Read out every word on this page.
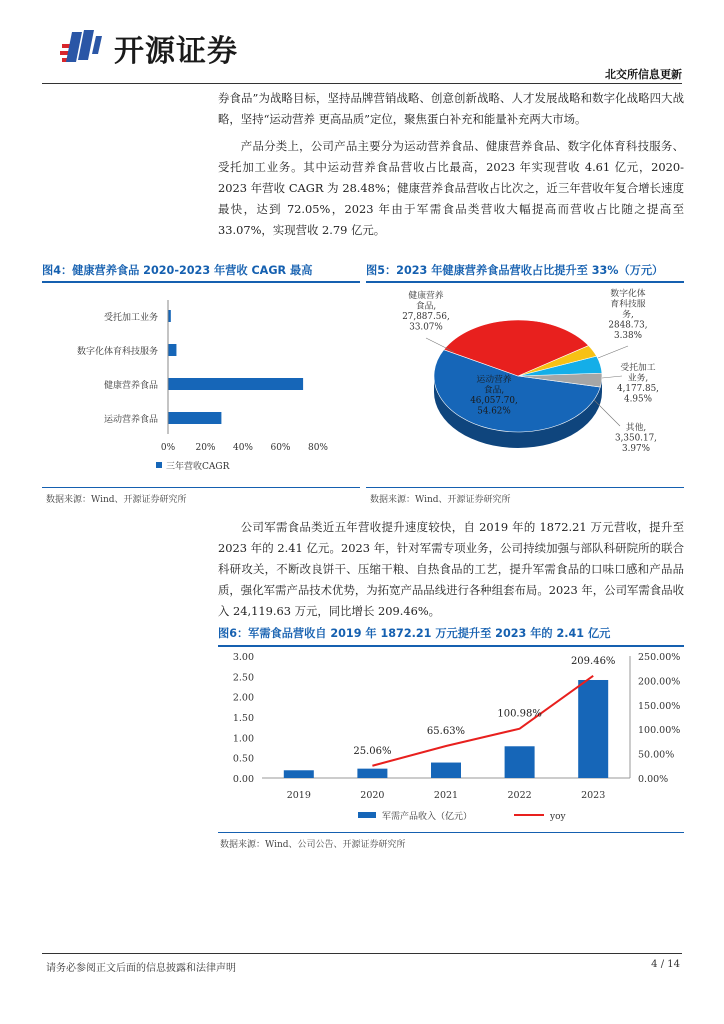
开源证券
北交所信息更新

券食品”为战略目标，坚持品牌营销战略、创意创新战略、人才发展战略和数字化战略四大战略，坚持“运动营养 更高品质”定位，聚焦蛋白补充和能量补充两大市场。

产品分类上，公司产品主要分为运动营养食品、健康营养食品、数字化体育科技服务、受托加工业务。其中运动营养食品营收占比最高，2023 年实现营收 4.61 亿元，2020-2023 年营收 CAGR 为 28.48%；健康营养食品营收占比次之，近三年营收年复合增长速度最快，达到 72.05%，2023 年由于军需食品类营收大幅提高而营收占比随之提高至 33.07%，实现营收 2.79 亿元。

图4：健康营养食品 2020-2023 年营收 CAGR 最高
受托加工业务
数字化体育科技服务
健康营养食品
运动营养食品
0% 20% 40% 60% 80%
三年营收CAGR
数据来源：Wind、开源证券研究所
图5：2023 年健康营养食品营收占比提升至 33%（万元）
运动营养
食品,
46,057.70,
54.62%
健康营养
食品,
27,887.56,
33.07%
数字化体
育科技服
务,
2848.73,
3.38%
受托加工
业务,
4,177.85,
4.95%
其他,
3,350.17,
3.97%
数据来源：Wind、开源证券研究所

公司军需食品类近五年营收提升速度较快，自 2019 年的 1872.21 万元营收，提升至 2023 年的 2.41 亿元。2023 年，针对军需专项业务，公司持续加强与部队科研院所的联合科研攻关，不断改良饼干、压缩干粮、自热食品的工艺，提升军需食品的口味口感和产品品质，强化军需产品技术优势，为拓宽产品品线进行各种组套布局。2023 年，公司军需食品收入 24,119.63 万元，同比增长 209.46%。

图6：军需食品营收自 2019 年 1872.21 万元提升至 2023 年的 2.41 亿元
0.00
0.50
1.00
1.50
2.00
2.50
3.00
0.00%
50.00%
100.00%
150.00%
200.00%
250.00%
2019	2020	2021	2022	2023
25.06%
65.63%
100.98%
209.46%
军需产品收入（亿元）	yoy
数据来源：Wind、公司公告、开源证券研究所
请务必参阅正文后面的信息披露和法律声明	4 / 14
